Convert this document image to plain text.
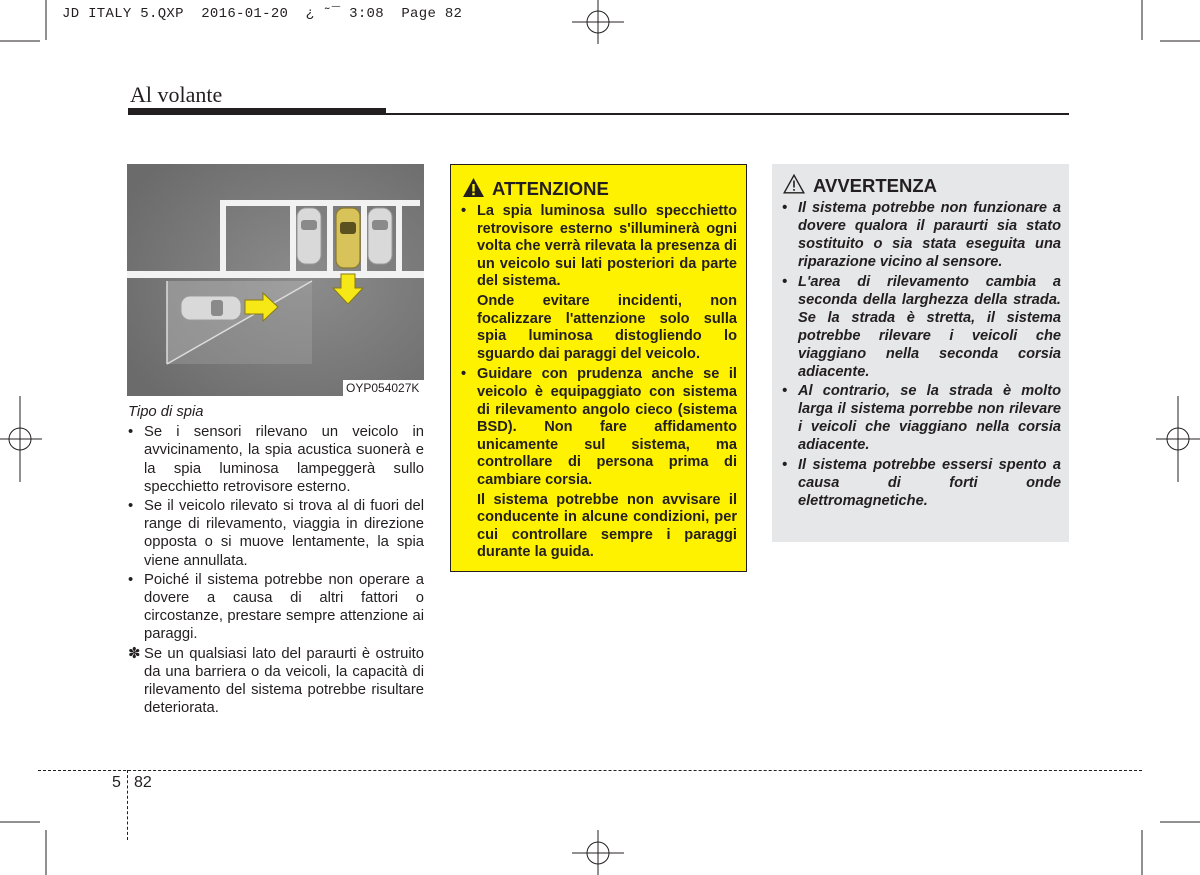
JD ITALY 5.QXP  2016-01-20  ¿ ˜¯ 3:08  Page 82
Al volante
OYP054027K
Tipo di spia
• Se i sensori rilevano un veicolo in avvicinamento, la spia acustica suonerà e la spia luminosa lampeggerà sullo specchietto retrovisore esterno.
• Se il veicolo rilevato si trova al di fuori del range di rilevamento, viaggia in direzione opposta o si muove lentamente, la spia viene annullata.
• Poiché il sistema potrebbe non operare a dovere a causa di altri fattori o circostanze, prestare sempre attenzione ai paraggi.
✽ Se un qualsiasi lato del paraurti è ostruito da una barriera o da veicoli, la capacità di rilevamento del sistema potrebbe risultare deteriorata.
ATTENZIONE
• La spia luminosa sullo specchietto retrovisore esterno s'illuminerà ogni volta che verrà rilevata la presenza di un veicolo sui lati posteriori da parte del sistema.

Onde evitare incidenti, non focalizzare l'attenzione solo sulla spia luminosa distogliendo lo sguardo dai paraggi del veicolo.

• Guidare con prudenza anche se il veicolo è equipaggiato con sistema di rilevamento angolo cieco (sistema BSD). Non fare affidamento unicamente sul sistema, ma controllare di persona prima di cambiare corsia.

Il sistema potrebbe non avvisare il conducente in alcune condizioni, per cui controllare sempre i paraggi durante la guida.

AVVERTENZA
• Il sistema potrebbe non funzionare a dovere qualora il paraurti sia stato sostituito o sia stata eseguita una riparazione vicino al sensore.
• L'area di rilevamento cambia a seconda della larghezza della strada. Se la strada è stretta, il sistema potrebbe rilevare i veicoli che viaggiano nella seconda corsia adiacente.
• Al contrario, se la strada è molto larga il sistema porrebbe non rilevare i veicoli che viaggiano nella corsia adiacente.
• Il sistema potrebbe essersi spento a causa di forti onde elettromagnetiche.
5 82
